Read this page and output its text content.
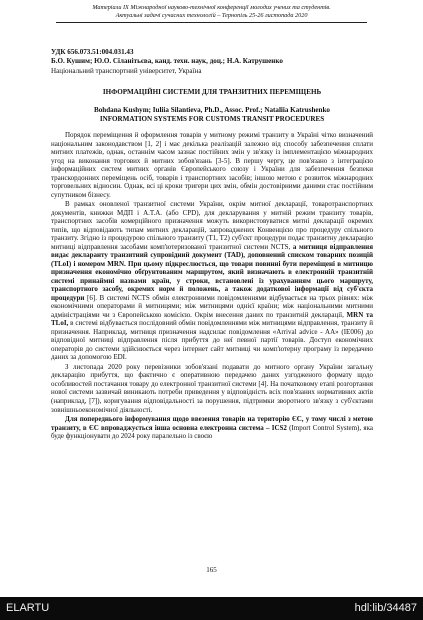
Матеріали IX Міжнародної науково-технічної конференції молодих учених та студентів.
Актуальні задачі сучасних технологій – Тернопіль 25-26 листопада 2020
УДК 656.073.51:004.031.43
Б.О. Кушим; Ю.О. Сіланітьєва, канд. техн. наук, доц.; Н.А. Катрушенко
Національний транспортний університет, Україна
ІНФОРМАЦІЙНІ СИСТЕМИ ДЛЯ ТРАНЗИТНИХ ПЕРЕМІЩЕНЬ
Bohdana Kushym; Iuliia Silantieva, Ph.D., Assoc. Prof.; Nataliia Katrushenko
INFORMATION SYSTEMS FOR CUSTOMS TRANSIT PROCEDURES

Порядок переміщення й оформлення товарів у митному режимі транзиту в Україні чітко визначений національним законодавством [1, 2] і має декілька реалізацій залежно від способу забезпечення сплати митних платежів, однак, останнім часом зазнає постійних змін у зв'язку із імплементацією міжнародних угод на виконання торгових й митних зобов'язань [3-5]. В першу чергу, це пов'язано з інтеграцією інформаційних систем митних органів Європейського союзу і України для забезпечення безпеки транскордонних переміщень осіб, товарів і транспортних засобів; іншою метою є розвиток міжнародних торговельних відносин. Однак, всі ці кроки тригери цих змін, обмін достовірними даними стає постійним супутником бізнесу.

В рамках оновленої транзитної системи України, окрім митної декларації, товаротранспортних документів, книжки МДП і А.Т.А. (або CPD), для декларування у митній режим транзиту товарів, транспортних засобів комерційного призначення можуть використовуватися митні декларації окремих типів, що відповідають типам митних декларацій, запроваджених Конвенцією про процедуру спільного транзиту. Згідно із процедурою спільного транзиту (T1, T2) суб'єкт процедури подає транзитну декларацію митниці відправлення засобами комп'ютеризованої транзитної системи NCTS, а митниця відправлення видає декларанту транзитний супровідний документ (TAD), доповнений списком товарних позицій (TLoI) і номером MRN. При цьому підкреслюється, що товари повинні бути переміщені в митницю призначення економічно обґрунтованим маршрутом, який визначають в електронній транзитній системі принаймні назвами країн, у строки, встановлені із урахуванням цього маршруту, транспортного засобу, окремих норм й положень, а також додаткової інформації від суб'єкта процедури [6]. В системі NCTS обмін електронними повідомленнями відбувається на трьох рівнях: між економічними операторами й митницями; між митницями однієї країни; між національними митними адміністраціями чи з Європейською комісією. Окрім внесення даних по транзитній декларації, MRN та TLoI, в системі відбувається послідовний обмін повідомленнями між митницями відправлення, транзиту й призначення. Наприклад, митниця призначення надсилає повідомлення «Arrival advice - AA» (IE006) до відповідної митниці відправлення після прибуття до неї певної партії товарів. Доступ економічних операторів до системи здійснюється через інтернет сайт митниці чи комп'ютерну програму із передачею даних за допомогою EDI.

З листопада 2020 року перевізники зобов'язані подавати до митного органу України загальну декларацію прибуття, що фактично є оперативною передачею даних узгодженого формату щодо особливостей постачання товару до електронної транзитної системи [4]. На початковому етапі розгортання нової системи зазвичай виникають потреби приведення у відповідність всіх пов'язаних нормативних актів (наприклад, [7]), коригування відповідальності за порушення, підтримки зворотного зв'язку з суб'єктами зовнішньоекономічної діяльності.

Для попереднього інформування щодо ввезення товарів на територію ЄС, у тому числі з метою транзиту, в ЄС впроваджується інша основна електронна система – ICS2 (Import Control System), яка буде функціонувати до 2024 року паралельно із своєю

165
ELARTU	hdl:lib/34487
